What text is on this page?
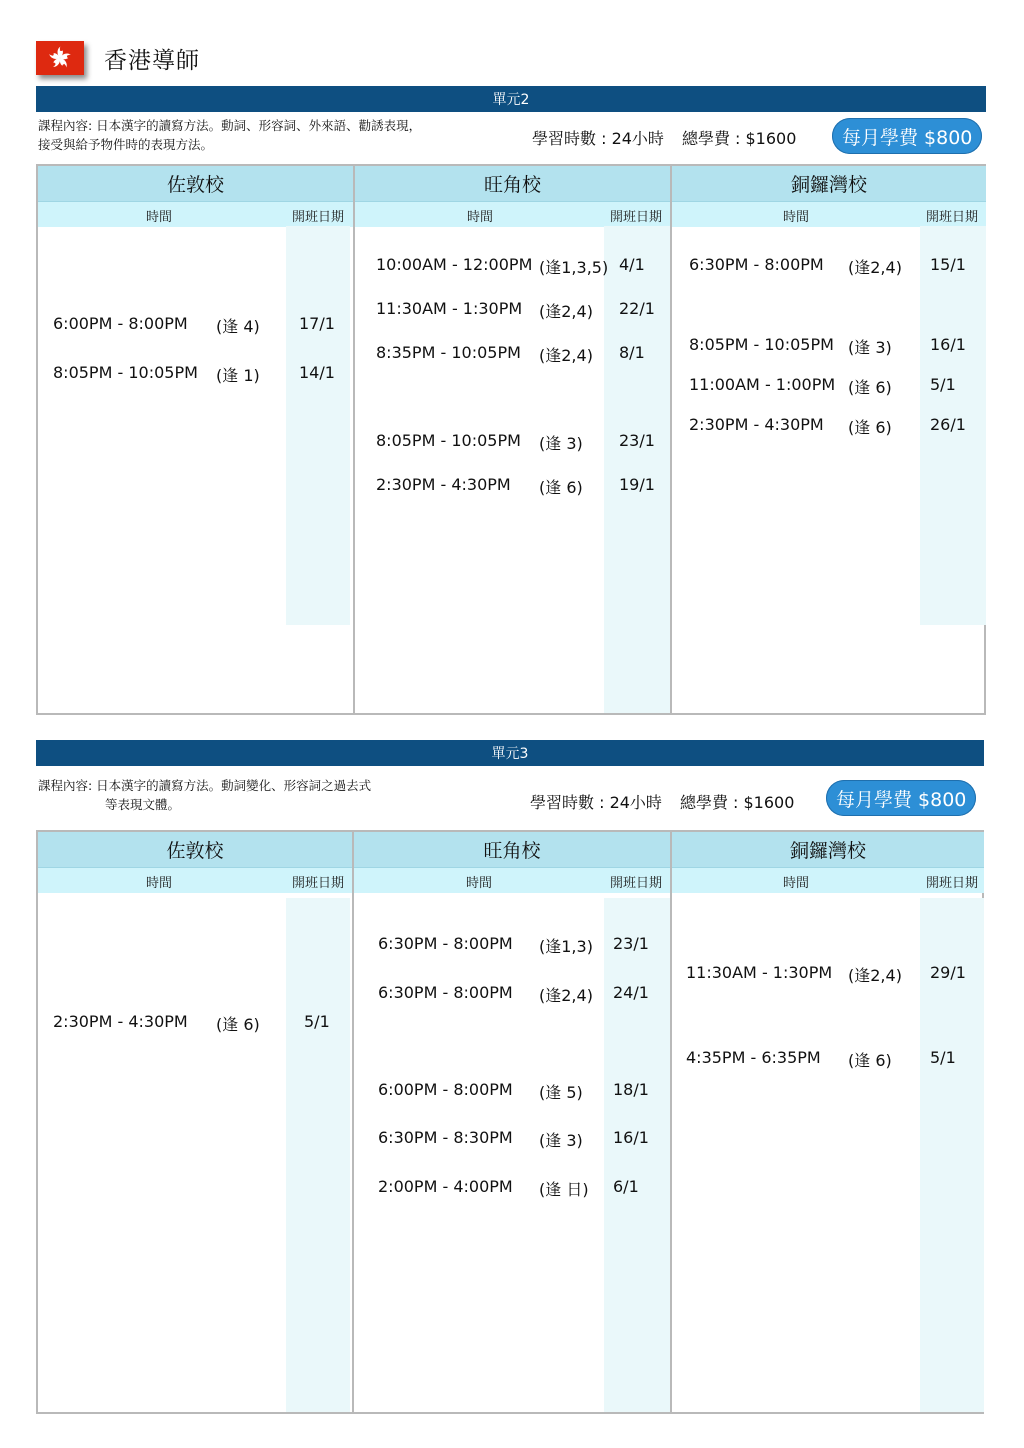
香港導師
單元2
課程內容: 日本漢字的讀寫方法。動詞、形容詞、外來語、勸誘表現，
接受與給予物件時的表現方法。	學習時數 : 24小時 總學費 : $1600	每月學費 $800
佐敦校
時間	開班日期
6:00PM - 8:00PM (逢 4) 17/1
8:05PM - 10:05PM (逢 1) 14/1
旺角校
時間	開班日期
10:00AM - 12:00PM (逢1,3,5) 4/1
11:30AM - 1:30PM (逢2,4) 22/1
8:35PM - 10:05PM (逢2,4) 8/1
8:05PM - 10:05PM (逢 3) 23/1
2:30PM - 4:30PM (逢 6) 19/1
銅鑼灣校
時間	開班日期
6:30PM - 8:00PM (逢2,4) 15/1
8:05PM - 10:05PM (逢 3) 16/1
11:00AM - 1:00PM (逢 6) 5/1
2:30PM - 4:30PM (逢 6) 26/1
單元3
課程內容: 日本漢字的讀寫方法。動詞變化、形容詞之過去式
等表現文體。	學習時數 : 24小時 總學費 : $1600	每月學費 $800
佐敦校
時間	開班日期
2:30PM - 4:30PM (逢 6)	5/1
旺角校
時間	開班日期
6:30PM - 8:00PM (逢1,3) 23/1
6:30PM - 8:00PM (逢2,4) 24/1
6:00PM - 8:00PM (逢 5) 18/1
6:30PM - 8:30PM (逢 3) 16/1
2:00PM - 4:00PM (逢 日) 6/1
銅鑼灣校
時間	開班日期
11:30AM - 1:30PM (逢2,4) 29/1
4:35PM - 6:35PM (逢 6) 5/1
